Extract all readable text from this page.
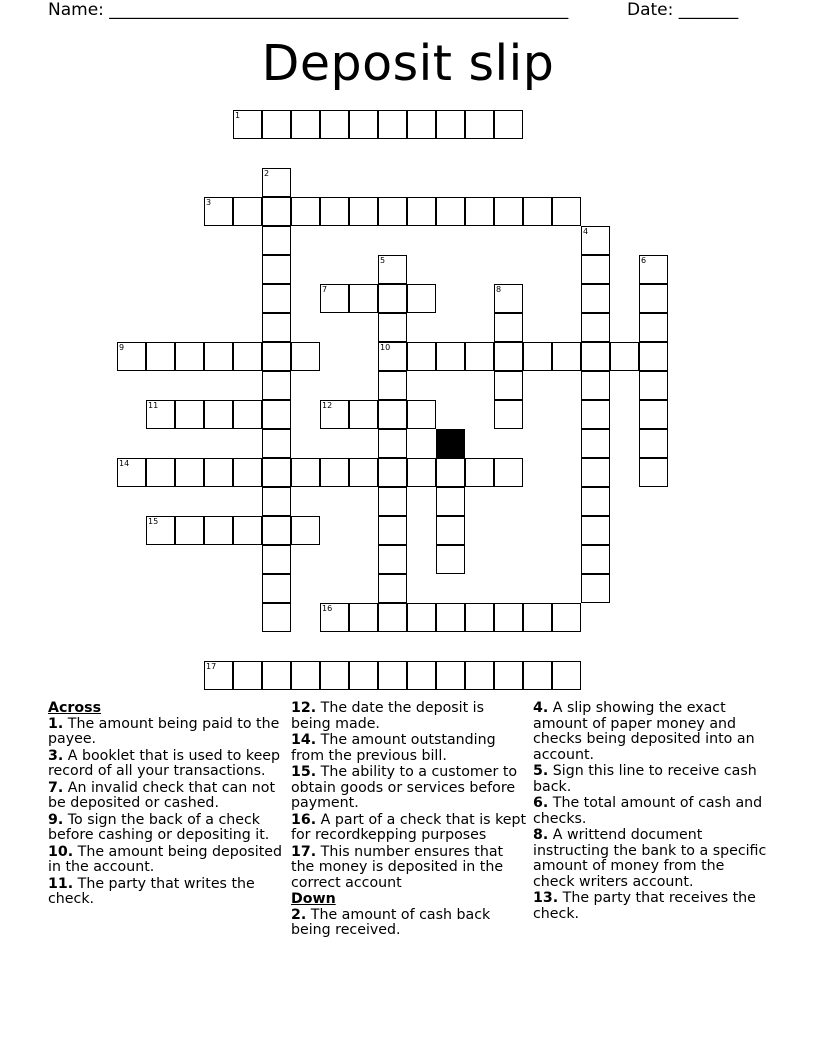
Name: ______________________________________________________	Date: _______
Deposit slip
1
2
3
4
5	6
7	8
9	10
11	12
13
14
15
16
17

Across

1. The amount being paid to the payee.

3. A booklet that is used to keep record of all your transactions.

7. An invalid check that can not be deposited or cashed.

9. To sign the back of a check before cashing or depositing it.

10. The amount being deposited in the account.

11. The party that writes the check.

12. The date the deposit is being made.

14. The amount outstanding from the previous bill.

15. The ability to a customer to obtain goods or services before payment.

16. A part of a check that is kept for recordkepping purposes

17. This number ensures that the money is deposited in the correct account

Down

2. The amount of cash back being received.

4. A slip showing the exact amount of paper money and checks being deposited into an account.

5. Sign this line to receive cash back.

6. The total amount of cash and checks.

8. A writtend document instructing the bank to a specific amount of money from the check writers account.

13. The party that receives the check.
